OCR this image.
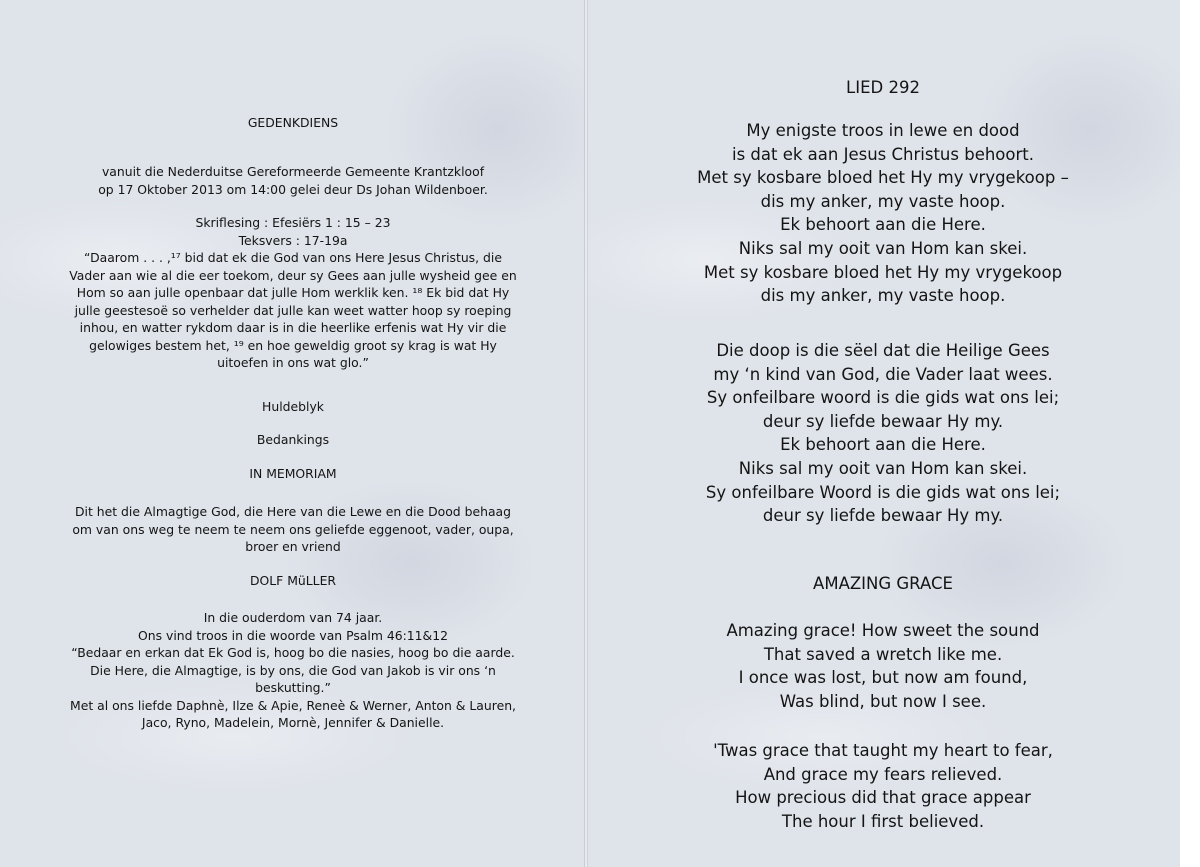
GEDENKDIENS
vanuit die Nederduitse Gereformeerde Gemeente Krantzkloof
op 17 Oktober 2013 om 14:00 gelei deur Ds Johan Wildenboer.
Skriflesing : Efesiërs 1 : 15 – 23
Teksvers : 17-19a
“Daarom . . . ,¹⁷ bid dat ek die God van ons Here Jesus Christus, die
Vader aan wie al die eer toekom, deur sy Gees aan julle wysheid gee en
Hom so aan julle openbaar dat julle Hom werklik ken. ¹⁸ Ek bid dat Hy
julle geestesoë so verhelder dat julle kan weet watter hoop sy roeping
inhou, en watter rykdom daar is in die heerlike erfenis wat Hy vir die
gelowiges bestem het, ¹⁹ en hoe geweldig groot sy krag is wat Hy
uitoefen in ons wat glo.”
Huldeblyk
Bedankings
IN MEMORIAM
Dit het die Almagtige God, die Here van die Lewe en die Dood behaag
om van ons weg te neem te neem ons geliefde eggenoot, vader, oupa,
broer en vriend
DOLF MüLLER
In die ouderdom van 74 jaar.
Ons vind troos in die woorde van Psalm 46:11&12
“Bedaar en erkan dat Ek God is, hoog bo die nasies, hoog bo die aarde.
Die Here, die Almagtige, is by ons, die God van Jakob is vir ons ‘n
beskutting.”
Met al ons liefde Daphnè, Ilze & Apie, Reneè & Werner, Anton & Lauren,
Jaco, Ryno, Madelein, Mornè, Jennifer & Danielle.
LIED 292
My enigste troos in lewe en dood
is dat ek aan Jesus Christus behoort.
Met sy kosbare bloed het Hy my vrygekoop –
dis my anker, my vaste hoop.
Ek behoort aan die Here.
Niks sal my ooit van Hom kan skei.
Met sy kosbare bloed het Hy my vrygekoop
dis my anker, my vaste hoop.
Die doop is die sëel dat die Heilige Gees
my ‘n kind van God, die Vader laat wees.
Sy onfeilbare woord is die gids wat ons lei;
deur sy liefde bewaar Hy my.
Ek behoort aan die Here.
Niks sal my ooit van Hom kan skei.
Sy onfeilbare Woord is die gids wat ons lei;
deur sy liefde bewaar Hy my.
AMAZING GRACE
Amazing grace! How sweet the sound
That saved a wretch like me.
I once was lost, but now am found,
Was blind, but now I see.
'Twas grace that taught my heart to fear,
And grace my fears relieved.
How precious did that grace appear
The hour I first believed.
